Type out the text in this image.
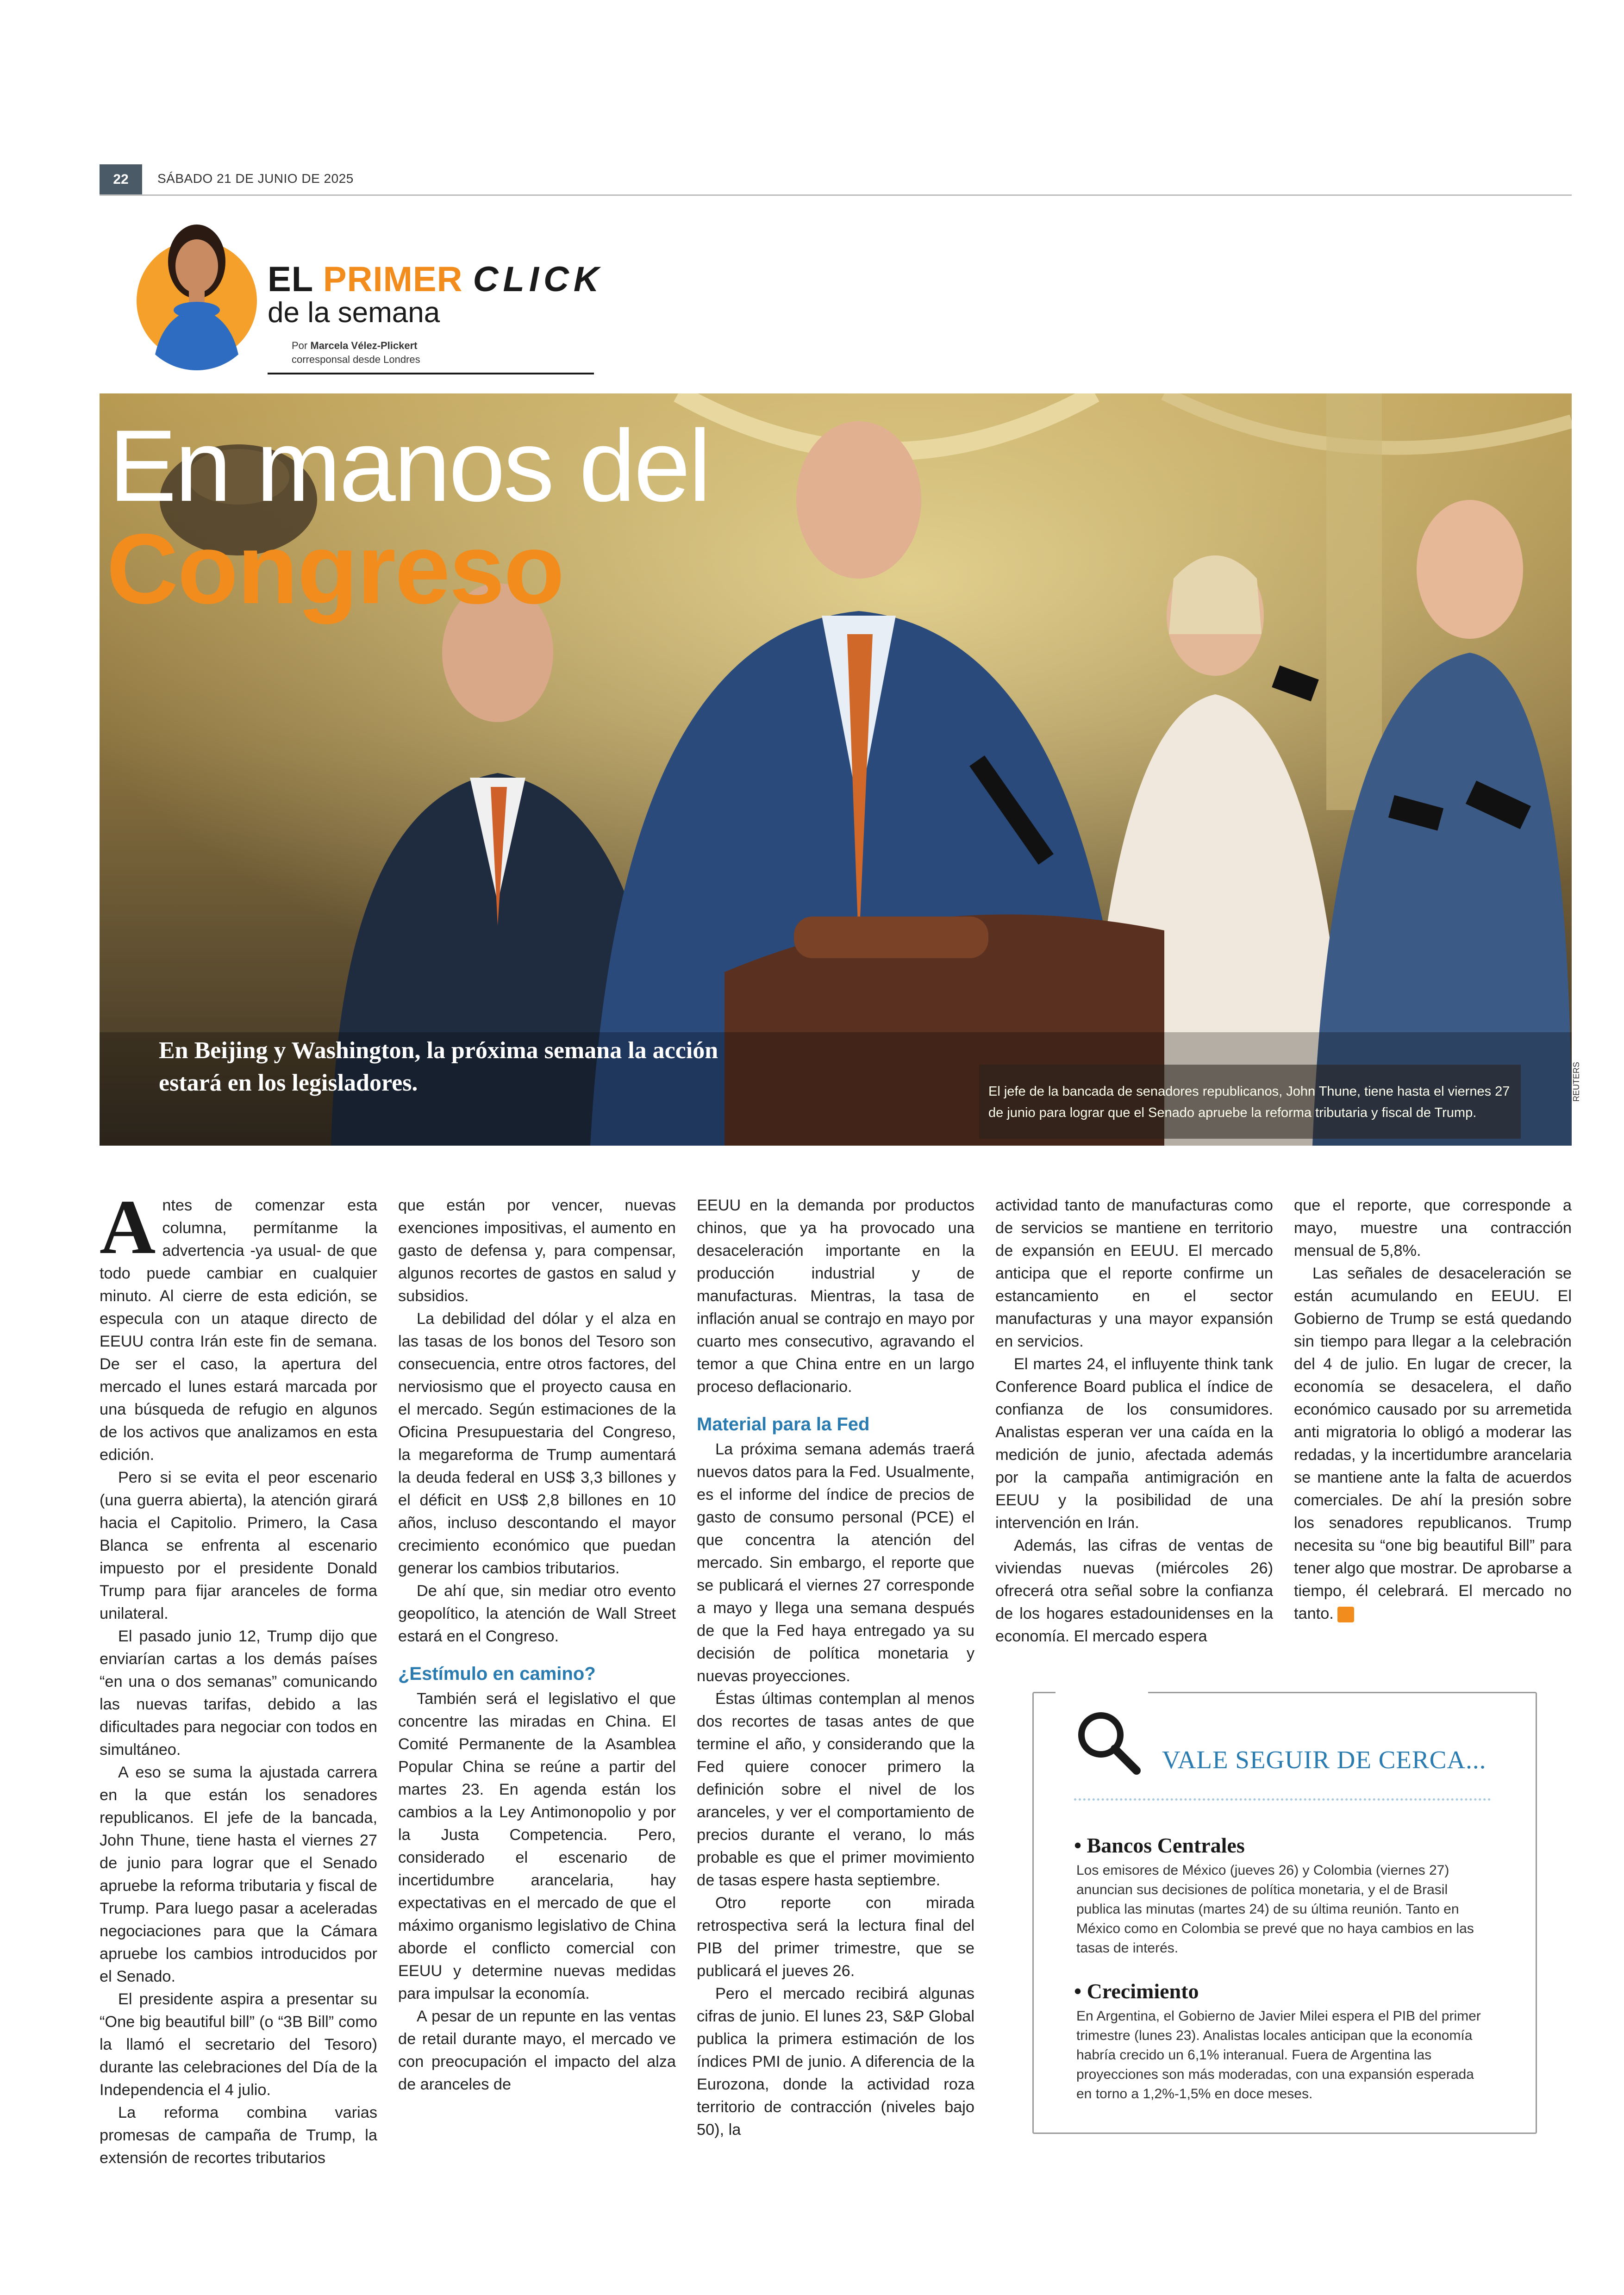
22	SÁBADO 21 DE JUNIO DE 2025
EL PRIMER CLICK
de la semana
Por Marcela Vélez-Plickert
corresponsal desde Londres
En manos del
Congreso
En Beijing y Washington, la próxima semana la acción estará en los legisladores.	El jefe de la bancada de senadores republicanos, John Thune, tiene hasta el viernes 27 de junio para lograr que el Senado apruebe la reforma tributaria y fiscal de Trump.
REUTERS

Antes de comenzar esta columna, permítanme la advertencia -ya usual- de que todo puede cambiar en cualquier minuto. Al cierre de esta edición, se especula con un ataque directo de EEUU contra Irán este fin de semana. De ser el caso, la apertura del mercado el lunes estará marcada por una búsqueda de refugio en algunos de los activos que analizamos en esta edición.

Pero si se evita el peor escenario (una guerra abierta), la atención girará hacia el Capitolio. Primero, la Casa Blanca se enfrenta al escenario impuesto por el presidente Donald Trump para fijar aranceles de forma unilateral.

El pasado junio 12, Trump dijo que enviarían cartas a los demás países “en una o dos semanas” comunicando las nuevas tarifas, debido a las dificultades para negociar con todos en simultáneo.

A eso se suma la ajustada carrera en la que están los senadores republicanos. El jefe de la bancada, John Thune, tiene hasta el viernes 27 de junio para lograr que el Senado apruebe la reforma tributaria y fiscal de Trump. Para luego pasar a aceleradas negociaciones para que la Cámara apruebe los cambios introducidos por el Senado.

El presidente aspira a presentar su “One big beautiful bill” (o “3B Bill” como la llamó el secretario del Tesoro) durante las celebraciones del Día de la Independencia el 4 julio.

La reforma combina varias promesas de campaña de Trump, la extensión de recortes tributarios

que están por vencer, nuevas exenciones impositivas, el aumento en gasto de defensa y, para compensar, algunos recortes de gastos en salud y subsidios.

La debilidad del dólar y el alza en las tasas de los bonos del Tesoro son consecuencia, entre otros factores, del nerviosismo que el proyecto causa en el mercado. Según estimaciones de la Oficina Presupuestaria del Congreso, la megareforma de Trump aumentará la deuda federal en US$ 3,3 billones y el déficit en US$ 2,8 billones en 10 años, incluso descontando el mayor crecimiento económico que puedan generar los cambios tributarios.

De ahí que, sin mediar otro evento geopolítico, la atención de Wall Street estará en el Congreso.

¿Estímulo en camino?

También será el legislativo el que concentre las miradas en China. El Comité Permanente de la Asamblea Popular China se reúne a partir del martes 23. En agenda están los cambios a la Ley Antimonopolio y por la Justa Competencia. Pero, considerado el escenario de incertidumbre arancelaria, hay expectativas en el mercado de que el máximo organismo legislativo de China aborde el conflicto comercial con EEUU y determine nuevas medidas para impulsar la economía.

A pesar de un repunte en las ventas de retail durante mayo, el mercado ve con preocupación el impacto del alza de aranceles de

EEUU en la demanda por productos chinos, que ya ha provocado una desaceleración importante en la producción industrial y de manufacturas. Mientras, la tasa de inflación anual se contrajo en mayo por cuarto mes consecutivo, agravando el temor a que China entre en un largo proceso deflacionario.

Material para la Fed

La próxima semana además traerá nuevos datos para la Fed. Usualmente, es el informe del índice de precios de gasto de consumo personal (PCE) el que concentra la atención del mercado. Sin embargo, el reporte que se publicará el viernes 27 corresponde a mayo y llega una semana después de que la Fed haya entregado ya su decisión de política monetaria y nuevas proyecciones.

Éstas últimas contemplan al menos dos recortes de tasas antes de que termine el año, y considerando que la Fed quiere conocer primero la definición sobre el nivel de los aranceles, y ver el comportamiento de precios durante el verano, lo más probable es que el primer movimiento de tasas espere hasta septiembre.

Otro reporte con mirada retrospectiva será la lectura final del PIB del primer trimestre, que se publicará el jueves 26.

Pero el mercado recibirá algunas cifras de junio. El lunes 23, S&P Global publica la primera estimación de los índices PMI de junio. A diferencia de la Eurozona, donde la actividad roza territorio de contracción (niveles bajo 50), la

actividad tanto de manufacturas como de servicios se mantiene en territorio de expansión en EEUU. El mercado anticipa que el reporte confirme un estancamiento en el sector manufacturas y una mayor expansión en servicios.

El martes 24, el influyente think tank Conference Board publica el índice de confianza de los consumidores. Analistas esperan ver una caída en la medición de junio, afectada además por la campaña antimigración en EEUU y la posibilidad de una intervención en Irán.

Además, las cifras de ventas de viviendas nuevas (miércoles 26) ofrecerá otra señal sobre la confianza de los hogares estadounidenses en la economía. El mercado espera

que el reporte, que corresponde a mayo, muestre una contracción mensual de 5,8%.

Las señales de desaceleración se están acumulando en EEUU. El Gobierno de Trump se está quedando sin tiempo para llegar a la celebración del 4 de julio. En lugar de crecer, la economía se desacelera, el daño económico causado por su arremetida anti migratoria lo obligó a moderar las redadas, y la incertidumbre arancelaria se mantiene ante la falta de acuerdos comerciales. De ahí la presión sobre los senadores republicanos. Trump necesita su “one big beautiful Bill” para tener algo que mostrar. De aprobarse a tiempo, él celebrará. El mercado no tanto.

VALE SEGUIR DE CERCA...
• Bancos Centrales
Los emisores de México (jueves 26) y Colombia (viernes 27) anuncian sus decisiones de política monetaria, y el de Brasil publica las minutas (martes 24) de su última reunión. Tanto en México como en Colombia se prevé que no haya cambios en las tasas de interés.
• Crecimiento
En Argentina, el Gobierno de Javier Milei espera el PIB del primer trimestre (lunes 23). Analistas locales anticipan que la economía habría crecido un 6,1% interanual. Fuera de Argentina las proyecciones son más moderadas, con una expansión esperada en torno a 1,2%-1,5% en doce meses.
